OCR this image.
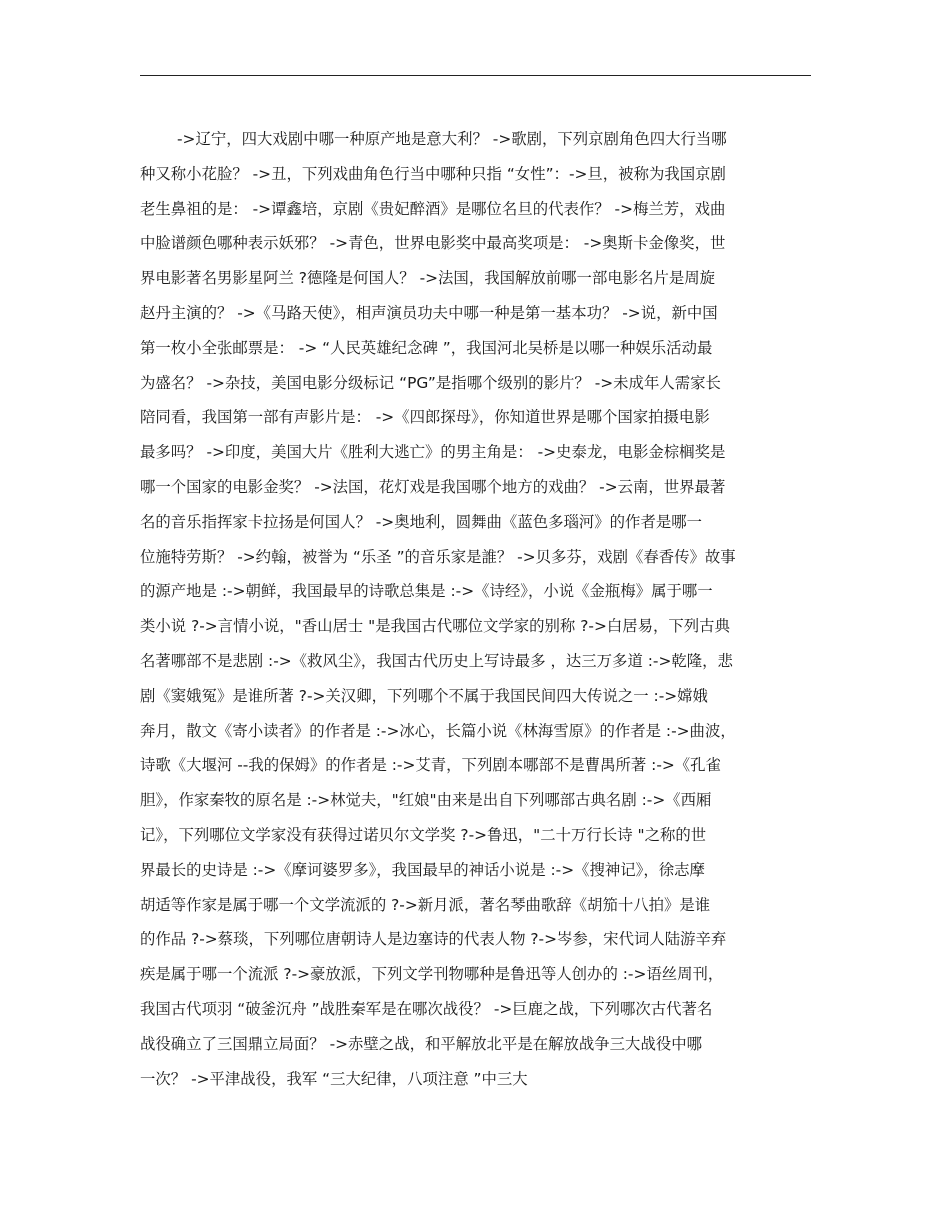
->辽宁，四大戏剧中哪一种原产地是意大利？ ->歌剧，下列京剧角色四大行当哪
种又称小花脸？ ->丑，下列戏曲角色行当中哪种只指 “女性”：->旦，被称为我国京剧
老生鼻祖的是： ->谭鑫培，京剧《贵妃醉酒》是哪位名旦的代表作？ ->梅兰芳，戏曲
中脸谱颜色哪种表示妖邪？ ->青色，世界电影奖中最高奖项是： ->奥斯卡金像奖，世
界电影著名男影星阿兰 ?德隆是何国人？ ->法国，我国解放前哪一部电影名片是周旋
赵丹主演的？ ->《马路天使》，相声演员功夫中哪一种是第一基本功？ ->说，新中国
第一枚小全张邮票是： -> “人民英雄纪念碑 ”，我国河北吴桥是以哪一种娱乐活动最
为盛名？ ->杂技，美国电影分级标记 “PG”是指哪个级别的影片？ ->未成年人需家长
陪同看，我国第一部有声影片是： ->《四郎探母》，你知道世界是哪个国家拍摄电影
最多吗？ ->印度，美国大片《胜利大逃亡》的男主角是： ->史泰龙，电影金棕榈奖是
哪一个国家的电影金奖？ ->法国，花灯戏是我国哪个地方的戏曲？ ->云南，世界最著
名的音乐指挥家卡拉扬是何国人？ ->奥地利，圆舞曲《蓝色多瑙河》的作者是哪一
位施特劳斯？ ->约翰，被誉为 “乐圣 ”的音乐家是誰？ ->贝多芬，戏剧《春香传》故事
的源产地是 :->朝鲜，我国最早的诗歌总集是 :->《诗经》，小说《金瓶梅》属于哪一
类小说 ?->言情小说，"香山居士 "是我国古代哪位文学家的别称 ?->白居易，下列古典
名著哪部不是悲剧 :->《救风尘》，我国古代历史上写诗最多 ，达三万多道 :->乾隆，悲
剧《窦娥冤》是谁所著 ?->关汉卿，下列哪个不属于我国民间四大传说之一 :->嫦娥
奔月，散文《寄小读者》的作者是 :->冰心，长篇小说《林海雪原》的作者是 :->曲波，
诗歌《大堰河 --我的保姆》的作者是 :->艾青，下列剧本哪部不是曹禺所著 :->《孔雀
胆》，作家秦牧的原名是 :->林觉夫，"红娘"由来是出自下列哪部古典名剧 :->《西厢
记》，下列哪位文学家没有获得过诺贝尔文学奖 ?->鲁迅，"二十万行长诗 "之称的世
界最长的史诗是 :->《摩诃婆罗多》，我国最早的神话小说是 :->《搜神记》，徐志摩
胡适等作家是属于哪一个文学流派的 ?->新月派，著名琴曲歌辞《胡笳十八拍》是谁
的作品 ?->蔡琰，下列哪位唐朝诗人是边塞诗的代表人物 ?->岑参，宋代词人陆游辛弃
疾是属于哪一个流派 ?->豪放派，下列文学刊物哪种是鲁迅等人创办的 :->语丝周刊，
我国古代项羽 “破釜沉舟 ”战胜秦军是在哪次战役？ ->巨鹿之战，下列哪次古代著名
战役确立了三国鼎立局面？ ->赤壁之战，和平解放北平是在解放战争三大战役中哪
一次？ ->平津战役，我军 “三大纪律，八项注意 ”中三大
